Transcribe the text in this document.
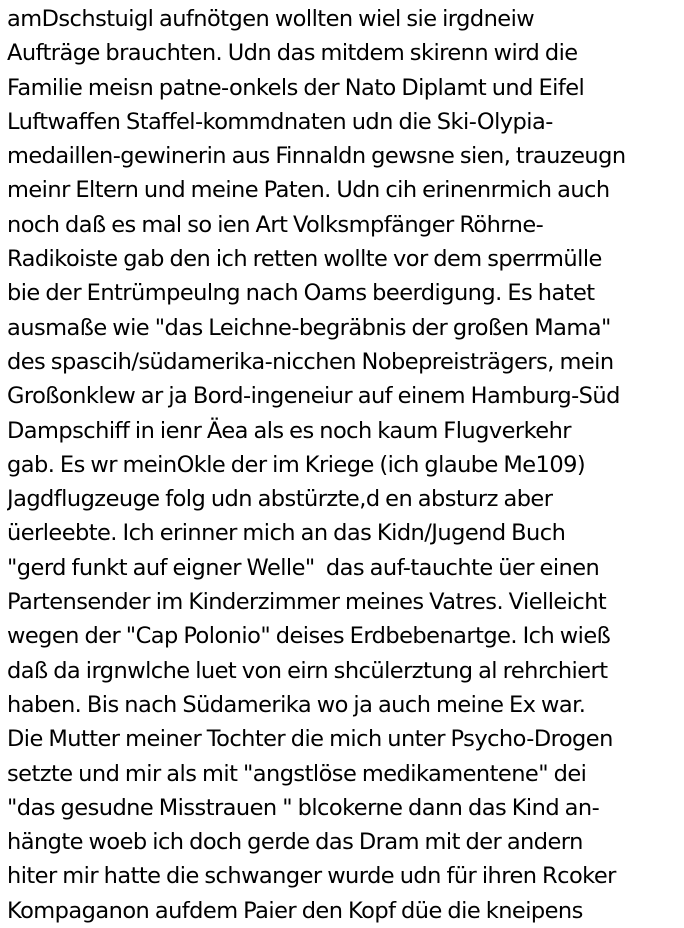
amDschstuigl aufnötgen wollten wiel sie irgdneiw
Aufträge brauchten. Udn das mitdem skirenn wird die
Familie meisn patne-onkels der Nato Diplamt und Eifel
Luftwaffen Staffel-kommdnaten udn die Ski-Olypia-
medaillen-gewinerin aus Finnaldn gewsne sien, trauzeugn
meinr Eltern und meine Paten. Udn cih erinenrmich auch
noch daß es mal so ien Art Volksmpfänger Röhrne-
Radikoiste gab den ich retten wollte vor dem sperrmülle
bie der Entrümpeulng nach Oams beerdigung. Es hatet
ausmaße wie "das Leichne-begräbnis der großen Mama"
des spascih/südamerika-nicchen Nobepreisträgers, mein
Großonklew ar ja Bord-ingeneiur auf einem Hamburg-Süd
Dampschiff in ienr Äea als es noch kaum Flugverkehr
gab. Es wr meinOkle der im Kriege (ich glaube Me109)
Jagdflugzeuge folg udn abstürzte,d en absturz aber
üerleebte. Ich erinner mich an das Kidn/Jugend Buch
"gerd funkt auf eigner Welle"  das auf-tauchte üer einen
Partensender im Kinderzimmer meines Vatres. Vielleicht
wegen der "Cap Polonio" deises Erdbebenartge. Ich wieß
daß da irgnwlche luet von eirn shcülerztung al rehrchiert
haben. Bis nach Südamerika wo ja auch meine Ex war.
Die Mutter meiner Tochter die mich unter Psycho-Drogen
setzte und mir als mit "angstlöse medikamentene" dei
"das gesudne Misstrauen " blcokerne dann das Kind an-
hängte woeb ich doch gerde das Dram mit der andern
hiter mir hatte die schwanger wurde udn für ihren Rcoker
Kompaganon aufdem Paier den Kopf düe die kneipens
